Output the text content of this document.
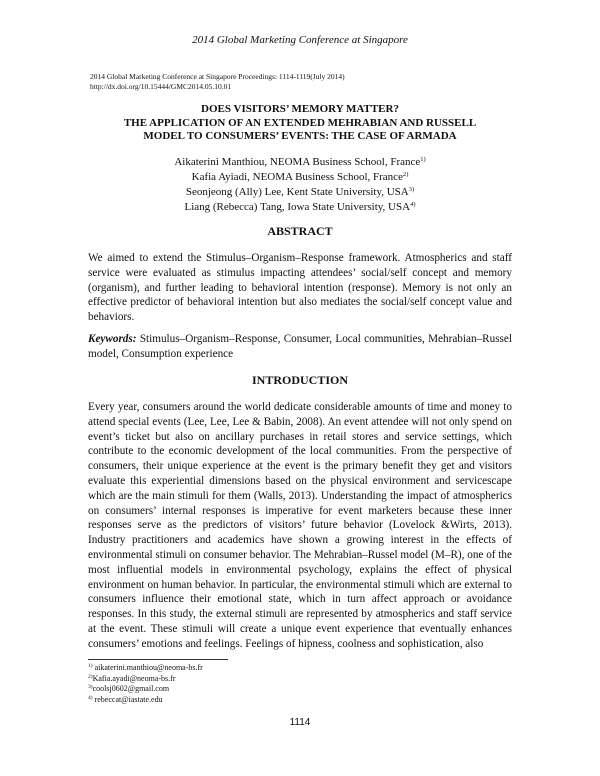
2014 Global Marketing Conference at Singapore
2014 Global Marketing Conference at Singapore Proceedings: 1114-1119(July 2014)
http://dx.doi.org/10.15444/GMC2014.05.10.01
DOES VISITORS’ MEMORY MATTER?
THE APPLICATION OF AN EXTENDED MEHRABIAN AND RUSSELL
MODEL TO CONSUMERS’ EVENTS: THE CASE OF ARMADA
Aikaterini Manthiou, NEOMA Business School, France$^{1)}$
Kafia Ayiadi, NEOMA Business School, France$^{2)}$
Seonjeong (Ally) Lee, Kent State University, USA$^{3)}$
Liang (Rebecca) Tang, Iowa State University, USA$^{4)}$
ABSTRACT

We aimed to extend the Stimulus–Organism–Response framework. Atmospherics and staff service were evaluated as stimulus impacting attendees’ social/self concept and memory (organism), and further leading to behavioral intention (response). Memory is not only an effective predictor of behavioral intention but also mediates the social/self concept value and behaviors.

Keywords: Stimulus–Organism–Response, Consumer, Local communities, Mehrabian–Russel model, Consumption experience

INTRODUCTION

Every year, consumers around the world dedicate considerable amounts of time and money to attend special events (Lee, Lee, Lee & Babin, 2008). An event attendee will not only spend on event’s ticket but also on ancillary purchases in retail stores and service settings, which contribute to the economic development of the local communities. From the perspective of consumers, their unique experience at the event is the primary benefit they get and visitors evaluate this experiential dimensions based on the physical environment and servicescape which are the main stimuli for them (Walls, 2013). Understanding the impact of atmospherics on consumers’ internal responses is imperative for event marketers because these inner responses serve as the predictors of visitors’ future behavior (Lovelock &Wirts, 2013). Industry practitioners and academics have shown a growing interest in the effects of environmental stimuli on consumer behavior. The Mehrabian–Russel model (M–R), one of the most influential models in environmental psychology, explains the effect of physical environment on human behavior. In particular, the environmental stimuli which are external to consumers influence their emotional state, which in turn affect approach or avoidance responses. In this study, the external stimuli are represented by atmospherics and staff service at the event. These stimuli will create a unique event experience that eventually enhances consumers’ emotions and feelings. Feelings of hipness, coolness and sophistication, also

$^{1)}$ aikaterini.manthiou@neoma-bs.fr
$^{2)}$Kafia.ayadi@neoma-bs.fr
$^{3)}$coolsj0602@gmail.com
$^{4)}$ rebeccat@iastate.edu
1114
